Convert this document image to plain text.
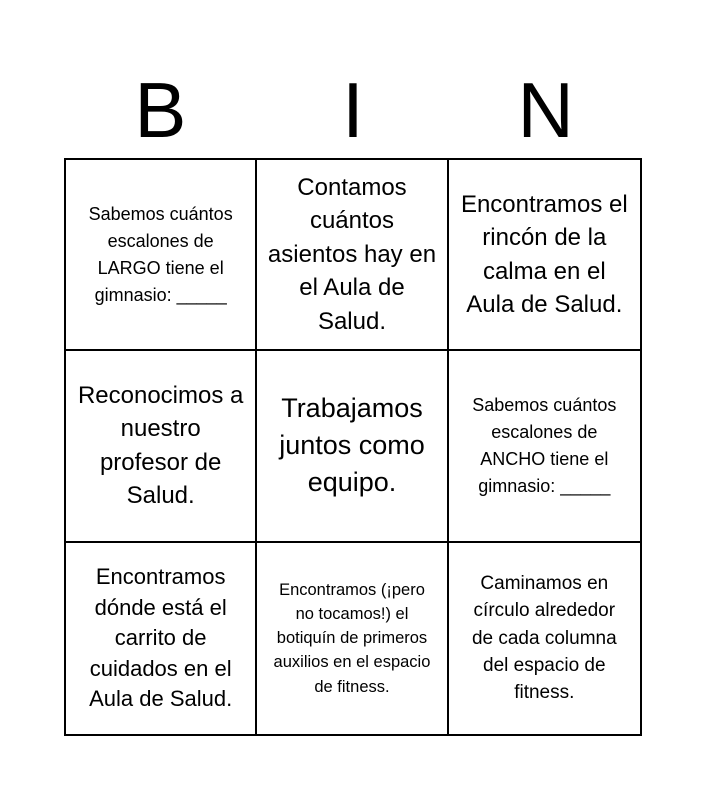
B	I	N
Sabemos cuántos escalones de LARGO tiene el gimnasio: _____
Contamos cuántos asientos hay en el Aula de Salud.
Encontramos el rincón de la calma en el Aula de Salud.
Reconocimos a nuestro profesor de Salud.
Trabajamos juntos como equipo.
Sabemos cuántos escalones de ANCHO tiene el gimnasio: _____
Encontramos dónde está el carrito de cuidados en el Aula de Salud.
Encontramos (¡pero no tocamos!) el botiquín de primeros auxilios en el espacio de fitness.
Caminamos en círculo alrededor de cada columna del espacio de fitness.
